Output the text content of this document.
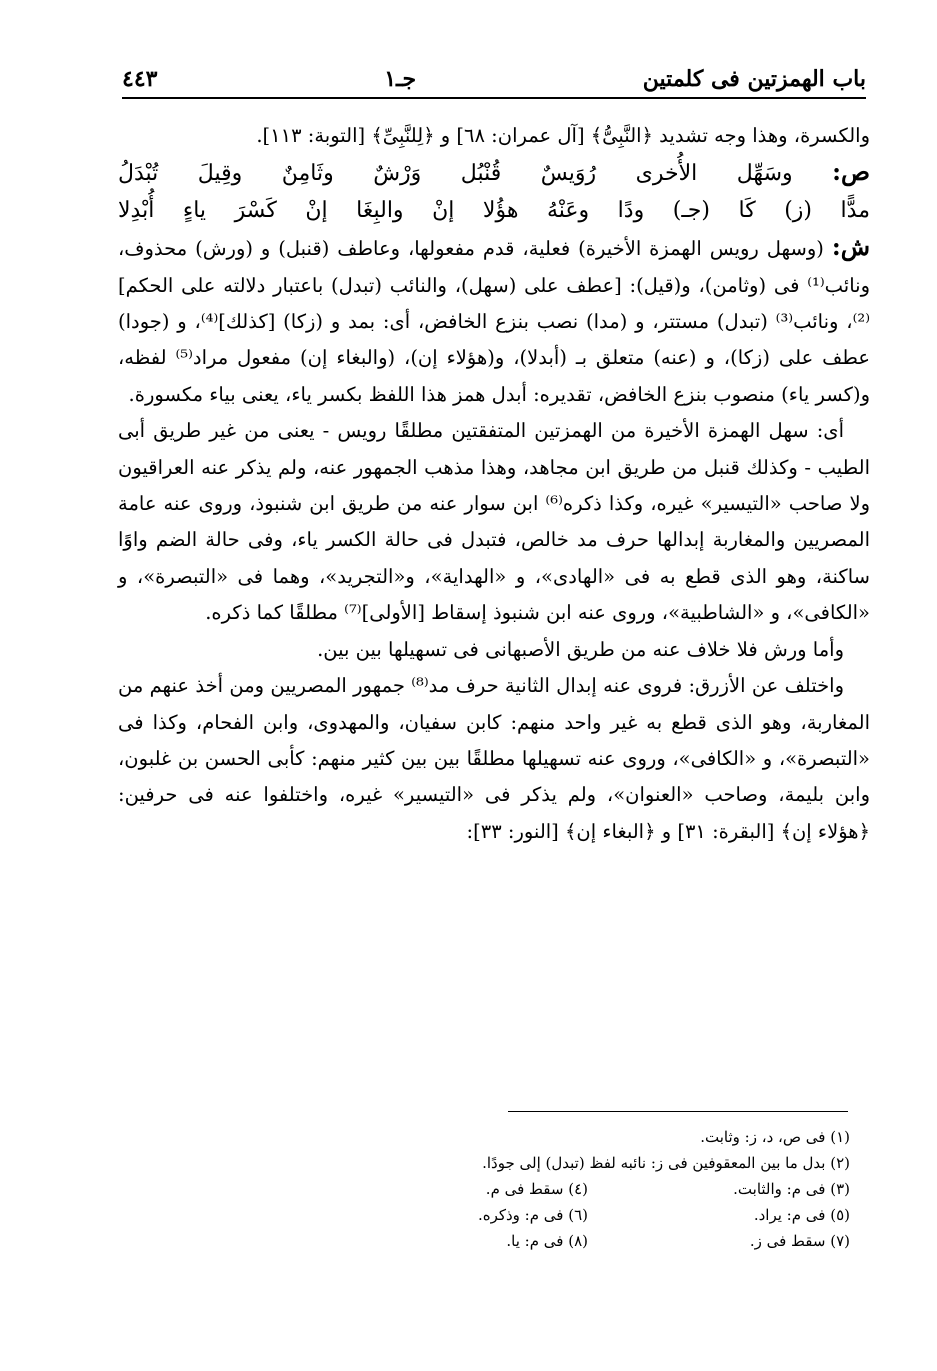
باب الهمزتين فى كلمتين
جـ١
٤٤٣

والكسرة، وهذا وجه تشديد ﴿النَّبِىُّ﴾ [آل عمران: ٦٨] و ﴿لِلنَّبِىِّ﴾ [التوبة: ١١٣].

ص: وسَهِّل الأُخرى رُوَيسٌ قُنْبُل وَرْشٌ وثَامِنٌ وقِيلَ تُبْدَلُ
مدًّا (ز) كَا (جـ) ودًا وعَنْهُ هؤُلا إنْ والبِغَا إنْ كَسْرَ ياءٍ أُبْدِلا

ش: (وسهل رويس الهمزة الأخيرة) فعلية، قدم مفعولها، وعاطف (قنبل) و (ورش) محذوف، ونائب⁽¹⁾ فى (وثامن)، و(قيل): [عطف على (سهل)، والنائب (تبدل) باعتبار دلالته على الحكم]⁽²⁾، ونائب⁽³⁾ (تبدل) مستتر، و (مدا) نصب بنزع الخافض، أى: بمد و (زكا) [كذلك]⁽⁴⁾، و (جودا) عطف على (زكا)، و (عنه) متعلق بـ (أبدلا)، و(هؤلاء إن)، (والبغاء إن) مفعول مراد⁽⁵⁾ لفظه، و(كسر ياء) منصوب بنزع الخافض، تقديره: أبدل همز هذا اللفظ بكسر ياء، يعنى بياء مكسورة.

أى: سهل الهمزة الأخيرة من الهمزتين المتفقتين مطلقًا رويس - يعنى من غير طريق أبى الطيب - وكذلك قنبل من طريق ابن مجاهد، وهذا مذهب الجمهور عنه، ولم يذكر عنه العراقيون ولا صاحب «التيسير» غيره، وكذا ذكره⁽⁶⁾ ابن سوار عنه من طريق ابن شنبوذ، وروى عنه عامة المصريين والمغاربة إبدالها حرف مد خالص، فتبدل فى حالة الكسر ياء، وفى حالة الضم واوًا ساكنة، وهو الذى قطع به فى «الهادى»، و «الهداية»، و«التجريد»، وهما فى «التبصرة»، و «الكافى»، و «الشاطبية»، وروى عنه ابن شنبوذ إسقاط [الأولى]⁽⁷⁾ مطلقًا كما ذكره.

وأما ورش فلا خلاف عنه من طريق الأصبهانى فى تسهيلها بين بين.

واختلف عن الأزرق: فروى عنه إبدال الثانية حرف مد⁽⁸⁾ جمهور المصريين ومن أخذ عنهم من المغاربة، وهو الذى قطع به غير واحد منهم: كابن سفيان، والمهدوى، وابن الفحام، وكذا فى «التبصرة»، و «الكافى»، وروى عنه تسهيلها مطلقًا بين بين كثير منهم: كأبى الحسن بن غلبون، وابن بليمة، وصاحب «العنوان»، ولم يذكر فى «التيسير» غيره، واختلفوا عنه فى حرفين: ﴿هؤلاء إن﴾ [البقرة: ٣١] و ﴿البغاء إن﴾ [النور: ٣٣]:

(١) فى ص، د، ز: وثابت.
(٢) بدل ما بين المعقوفين فى ز: نائبه لفظ (تبدل) إلى جودًا.
(٣) فى م: والثابت.
(٤) سقط فى م.
(٥) فى م: يراد.
(٦) فى م: وذكره.
(٧) سقط فى ز.
(٨) فى م: يا.
